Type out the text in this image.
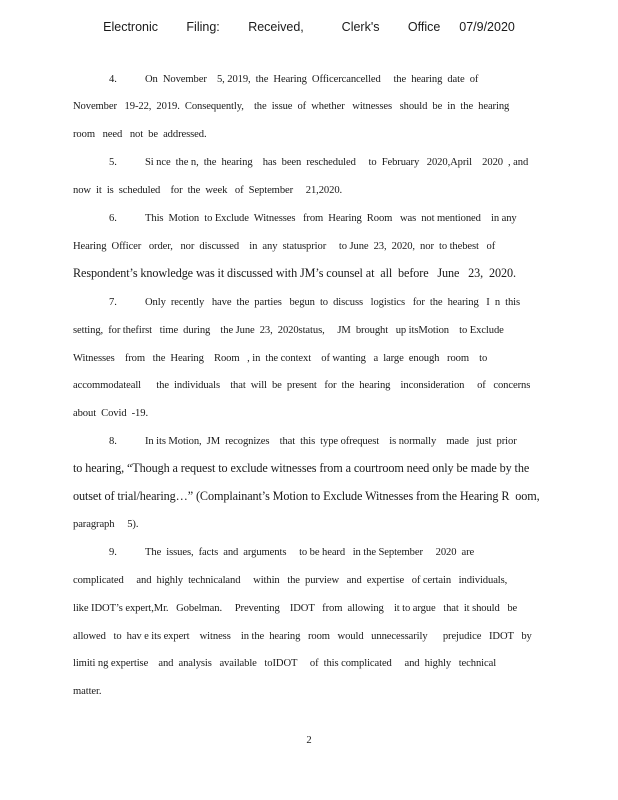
Electronic   Filing:   Received,    Clerk's   Office  07/9/2020
4.	On  November    5, 2019,  the  Hearing  Officercancelled     the  hearing  date  of
November   19-22,  2019.  Consequently,    the  issue  of  whether   witnesses   should  be  in  the  hearing
room   need   not  be  addressed.
5.	Si nce  the n,  the  hearing    has  been  rescheduled     to  February   2020,April    2020  , and
now  it  is  scheduled    for  the  week   of  September     21,2020.
6.	This  Motion  to Exclude  Witnesses   from  Hearing  Room   was  not mentioned    in any
Hearing  Officer   order,   nor  discussed    in  any  statusprior     to June  23,  2020,  nor  to thebest   of
Respondent’s knowledge was it discussed with JM’s counsel at  all  before   June   23,  2020.
7.	Only  recently   have  the  parties   begun  to  discuss   logistics   for  the  hearing   I  n  this
setting,  for thefirst   time  during    the June  23,  2020status,     JM  brought   up itsMotion    to Exclude
Witnesses    from   the  Hearing    Room   , in  the context    of wanting   a  large  enough   room    to
accommodateall      the  individuals    that  will  be  present   for  the  hearing    inconsideration     of   concerns
about  Covid  -19.
8.	In its Motion,  JM  recognizes    that  this  type ofrequest    is normally    made   just  prior
to hearing, “Though a request to exclude witnesses from a courtroom need only be made by the
outset of trial/hearing…” (Complainant’s Motion to Exclude Witnesses from the Hearing R  oom,
paragraph     5).
9.	The  issues,  facts  and  arguments     to be heard   in the September     2020  are
complicated     and  highly  technicaland     within   the  purview   and  expertise   of certain   individuals,
like IDOT’s expert,Mr.   Gobelman.     Preventing    IDOT   from  allowing    it to argue   that  it should   be
allowed   to  hav e its expert    witness    in the  hearing   room   would   unnecessarily      prejudice   IDOT   by
limiti ng expertise    and  analysis   available   toIDOT     of  this complicated     and  highly   technical
matter.
2
